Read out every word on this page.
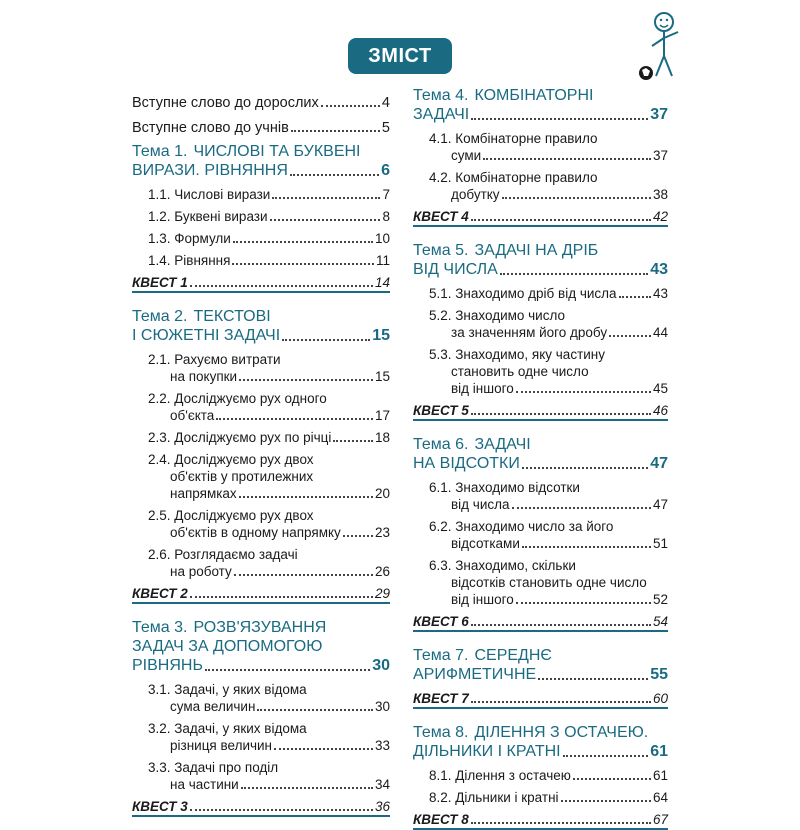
ЗМІСТ
Вступне слово до дорослих	4
Вступне слово до учнів	5
Тема 1. ЧИСЛОВІ ТА БУКВЕНІ
ВИРАЗИ. РІВНЯННЯ	6
1.1. Числові вирази	7
1.2. Буквені вирази	8
1.3. Формули	10
1.4. Рівняння	11
КВЕСТ 1	14
Тема 2. ТЕКСТОВІ
І СЮЖЕТНІ ЗАДАЧІ	15
2.1. Рахуємо витрати
на покупки	15
2.2. Досліджуємо рух одного
об'єкта	17
2.3. Досліджуємо рух по річці	18
2.4. Досліджуємо рух двох
об'єктів у протилежних
напрямках	20
2.5. Досліджуємо рух двох
об'єктів в одному напрямку	23
2.6. Розглядаємо задачі
на роботу	26
КВЕСТ 2	29
Тема 3. РОЗВ'ЯЗУВАННЯ
ЗАДАЧ ЗА ДОПОМОГОЮ
РІВНЯНЬ	30
3.1. Задачі, у яких відома
сума величин	30
3.2. Задачі, у яких відома
різниця величин	33
3.3. Задачі про поділ
на частини	34
КВЕСТ 3	36
Тема 4. КОМБІНАТОРНІ
ЗАДАЧІ	37
4.1. Комбінаторне правило
суми	37
4.2. Комбінаторне правило
добутку	38
КВЕСТ 4	42
Тема 5. ЗАДАЧІ НА ДРІБ
ВІД ЧИСЛА	43
5.1. Знаходимо дріб від числа	43
5.2. Знаходимо число
за значенням його дробу	44
5.3. Знаходимо, яку частину
становить одне число
від іншого	45
КВЕСТ 5	46
Тема 6. ЗАДАЧІ
НА ВІДСОТКИ	47
6.1. Знаходимо відсотки
від числа	47
6.2. Знаходимо число за його
відсотками	51
6.3. Знаходимо, скільки
відсотків становить одне число
від іншого	52
КВЕСТ 6	54
Тема 7. СЕРЕДНЄ
АРИФМЕТИЧНЕ	55
КВЕСТ 7	60
Тема 8. ДІЛЕННЯ З ОСТАЧЕЮ.
ДІЛЬНИКИ І КРАТНІ	61
8.1. Ділення з остачею	61
8.2. Дільники і кратні	64
КВЕСТ 8	67
